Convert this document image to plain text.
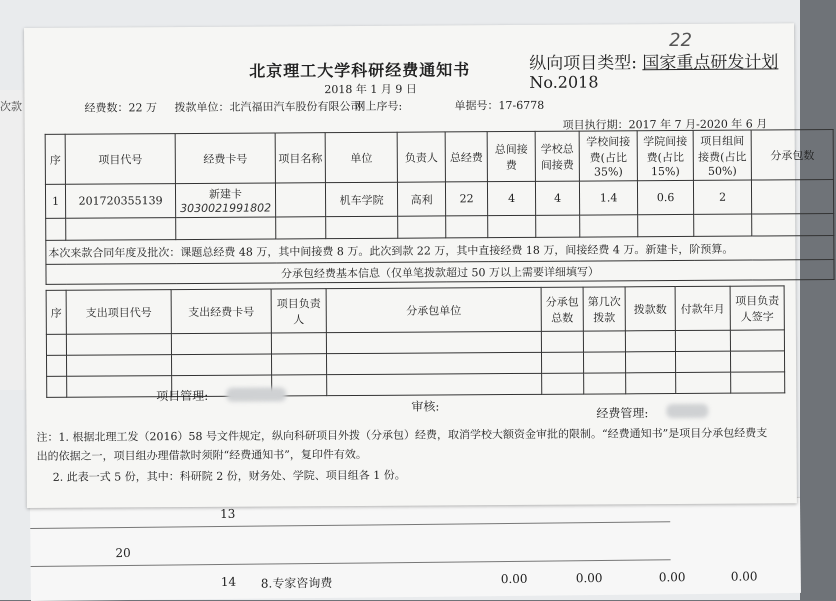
13
20
14 8.专家咨询费	0.00	0.00	0.00	0.00
次款
北京理工大学科研经费通知书
2018 年 1 月 9 日
纵向项目类型: 国家重点研发计划
22
No.2018
经费数：22 万 拨款单位：北汽福田汽车股份有限公司
网上序号:	单据号：17-6778
项目执行期：2017 年 7 月-2020 年 6 月
序	项目代号	经费卡号	项目名称	单位	负责人	总经费	总间接费	学校总间接费	学校间接费(占比 35%)	学院间接费(占比 15%)	项目组间接费(占比 50%)	分承包数
1	201720355139	新建卡
3030021991802		机车学院	高利	22	4	4	1.4	0.6	2	

本次来款合同年度及批次：课题总经费 48 万，其中间接费 8 万。此次到款 22 万，其中直接经费 18 万，间接经费 4 万。新建卡，阶预算。												
分承包经费基本信息（仅单笔拨款超过 50 万以上需要详细填写）												
序	支出项目代号	支出经费卡号	项目负责人	分承包单位	分承包总数	第几次拨款	拨款数	付款年月	项目负责人签字

项目管理:
审核:	经费管理:
注：1. 根据北理工发（2016）58 号文件规定，纵向科研项目外拨（分承包）经费，取消学校大额资金审批的限制。“经费通知书”是项目分承包经费支
出的依据之一，项目组办理借款时须附“经费通知书”，复印件有效。
2. 此表一式 5 份，其中：科研院 2 份，财务处、学院、项目组各 1 份。
